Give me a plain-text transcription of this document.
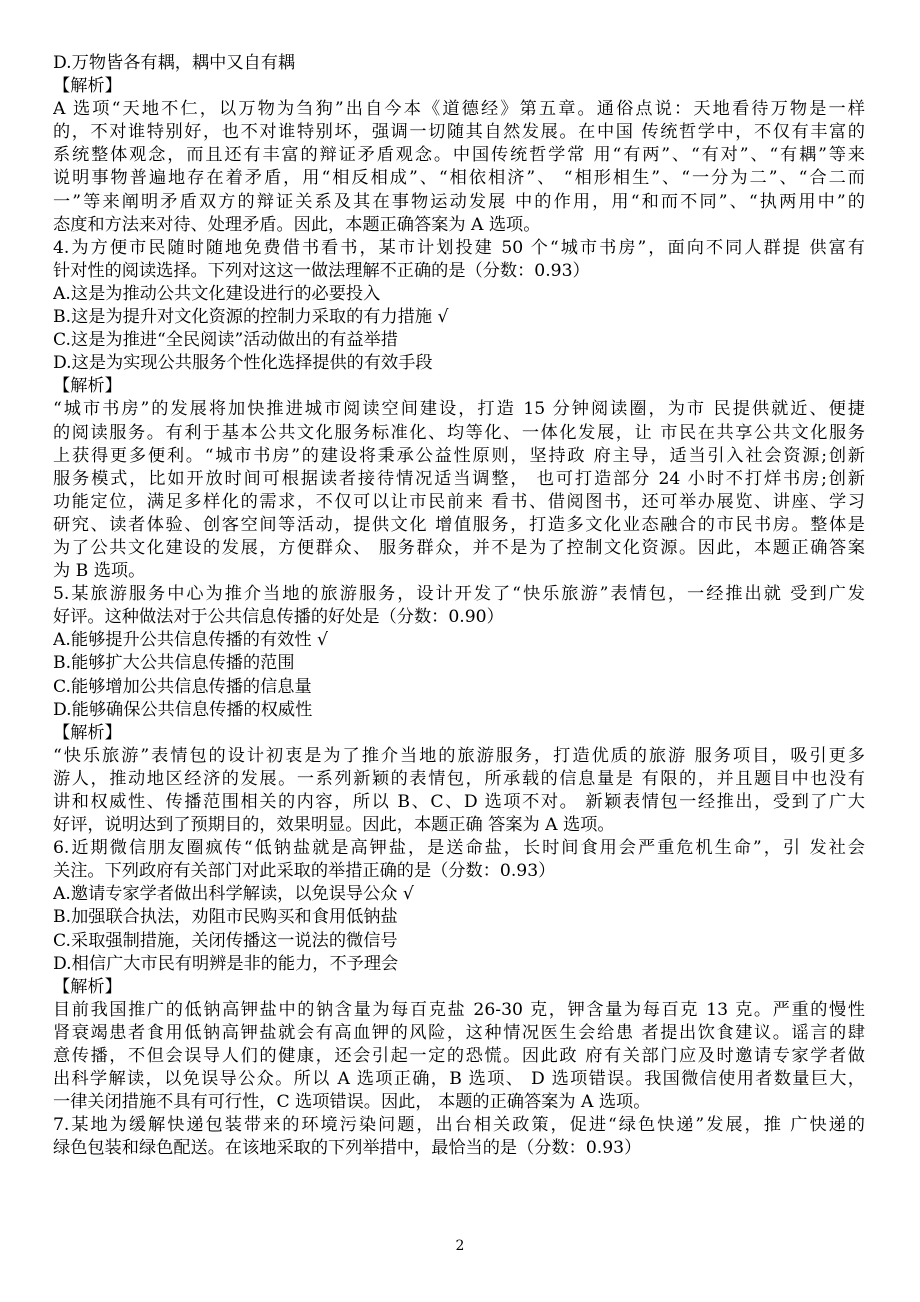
D.万物皆各有耦，耦中又自有耦
【解析】
A 选项“天地不仁，以万物为刍狗”出自今本《道德经》第五章。通俗点说：天地看待万物是一样
的，不对谁特别好，也不对谁特别坏，强调一切随其自然发展。在中国 传统哲学中，不仅有丰富的
系统整体观念，而且还有丰富的辩证矛盾观念。中国传统哲学常 用“有两”、“有对”、“有耦”等来
说明事物普遍地存在着矛盾，用“相反相成”、“相依相济”、 “相形相生”、“一分为二”、“合二而
一”等来阐明矛盾双方的辩证关系及其在事物运动发展 中的作用，用“和而不同”、“执两用中”的
态度和方法来对待、处理矛盾。因此，本题正确答案为 A 选项。
4.为方便市民随时随地免费借书看书，某市计划投建 50 个“城市书房”，面向不同人群提 供富有
针对性的阅读选择。下列对这这一做法理解不正确的是（分数：0.93）
A.这是为推动公共文化建设进行的必要投入
B.这是为提升对文化资源的控制力采取的有力措施 √
C.这是为推进“全民阅读”活动做出的有益举措
D.这是为实现公共服务个性化选择提供的有效手段
【解析】
“城市书房”的发展将加快推进城市阅读空间建设，打造 15 分钟阅读圈，为市 民提供就近、便捷
的阅读服务。有利于基本公共文化服务标准化、均等化、一体化发展，让 市民在共享公共文化服务
上获得更多便利。“城市书房”的建设将秉承公益性原则，坚持政 府主导，适当引入社会资源;创新
服务模式，比如开放时间可根据读者接待情况适当调整， 也可打造部分 24 小时不打烊书房;创新
功能定位，满足多样化的需求，不仅可以让市民前来 看书、借阅图书，还可举办展览、讲座、学习
研究、读者体验、创客空间等活动，提供文化 增值服务，打造多文化业态融合的市民书房。整体是
为了公共文化建设的发展，方便群众、 服务群众，并不是为了控制文化资源。因此，本题正确答案
为 B 选项。
5.某旅游服务中心为推介当地的旅游服务，设计开发了“快乐旅游”表情包，一经推出就 受到广发
好评。这种做法对于公共信息传播的好处是（分数：0.90）
A.能够提升公共信息传播的有效性 √
B.能够扩大公共信息传播的范围
C.能够增加公共信息传播的信息量
D.能够确保公共信息传播的权威性
【解析】
“快乐旅游”表情包的设计初衷是为了推介当地的旅游服务，打造优质的旅游 服务项目，吸引更多
游人，推动地区经济的发展。一系列新颖的表情包，所承载的信息量是 有限的，并且题目中也没有
讲和权威性、传播范围相关的内容，所以 B、C、D 选项不对。 新颖表情包一经推出，受到了广大
好评，说明达到了预期目的，效果明显。因此，本题正确 答案为 A 选项。
6.近期微信朋友圈疯传“低钠盐就是高钾盐，是送命盐，长时间食用会严重危机生命”，引 发社会
关注。下列政府有关部门对此采取的举措正确的是（分数：0.93）
A.邀请专家学者做出科学解读，以免误导公众 √
B.加强联合执法，劝阻市民购买和食用低钠盐
C.采取强制措施，关闭传播这一说法的微信号
D.相信广大市民有明辨是非的能力，不予理会
【解析】
目前我国推广的低钠高钾盐中的钠含量为每百克盐 26-30 克，钾含量为每百克 13 克。严重的慢性
肾衰竭患者食用低钠高钾盐就会有高血钾的风险，这种情况医生会给患 者提出饮食建议。谣言的肆
意传播，不但会误导人们的健康，还会引起一定的恐慌。因此政 府有关部门应及时邀请专家学者做
出科学解读，以免误导公众。所以 A 选项正确，B 选项、 D 选项错误。我国微信使用者数量巨大，
一律关闭措施不具有可行性，C 选项错误。因此， 本题的正确答案为 A 选项。
7.某地为缓解快递包装带来的环境污染问题，出台相关政策，促进“绿色快递”发展，推 广快递的
绿色包装和绿色配送。在该地采取的下列举措中，最恰当的是（分数：0.93）
2
